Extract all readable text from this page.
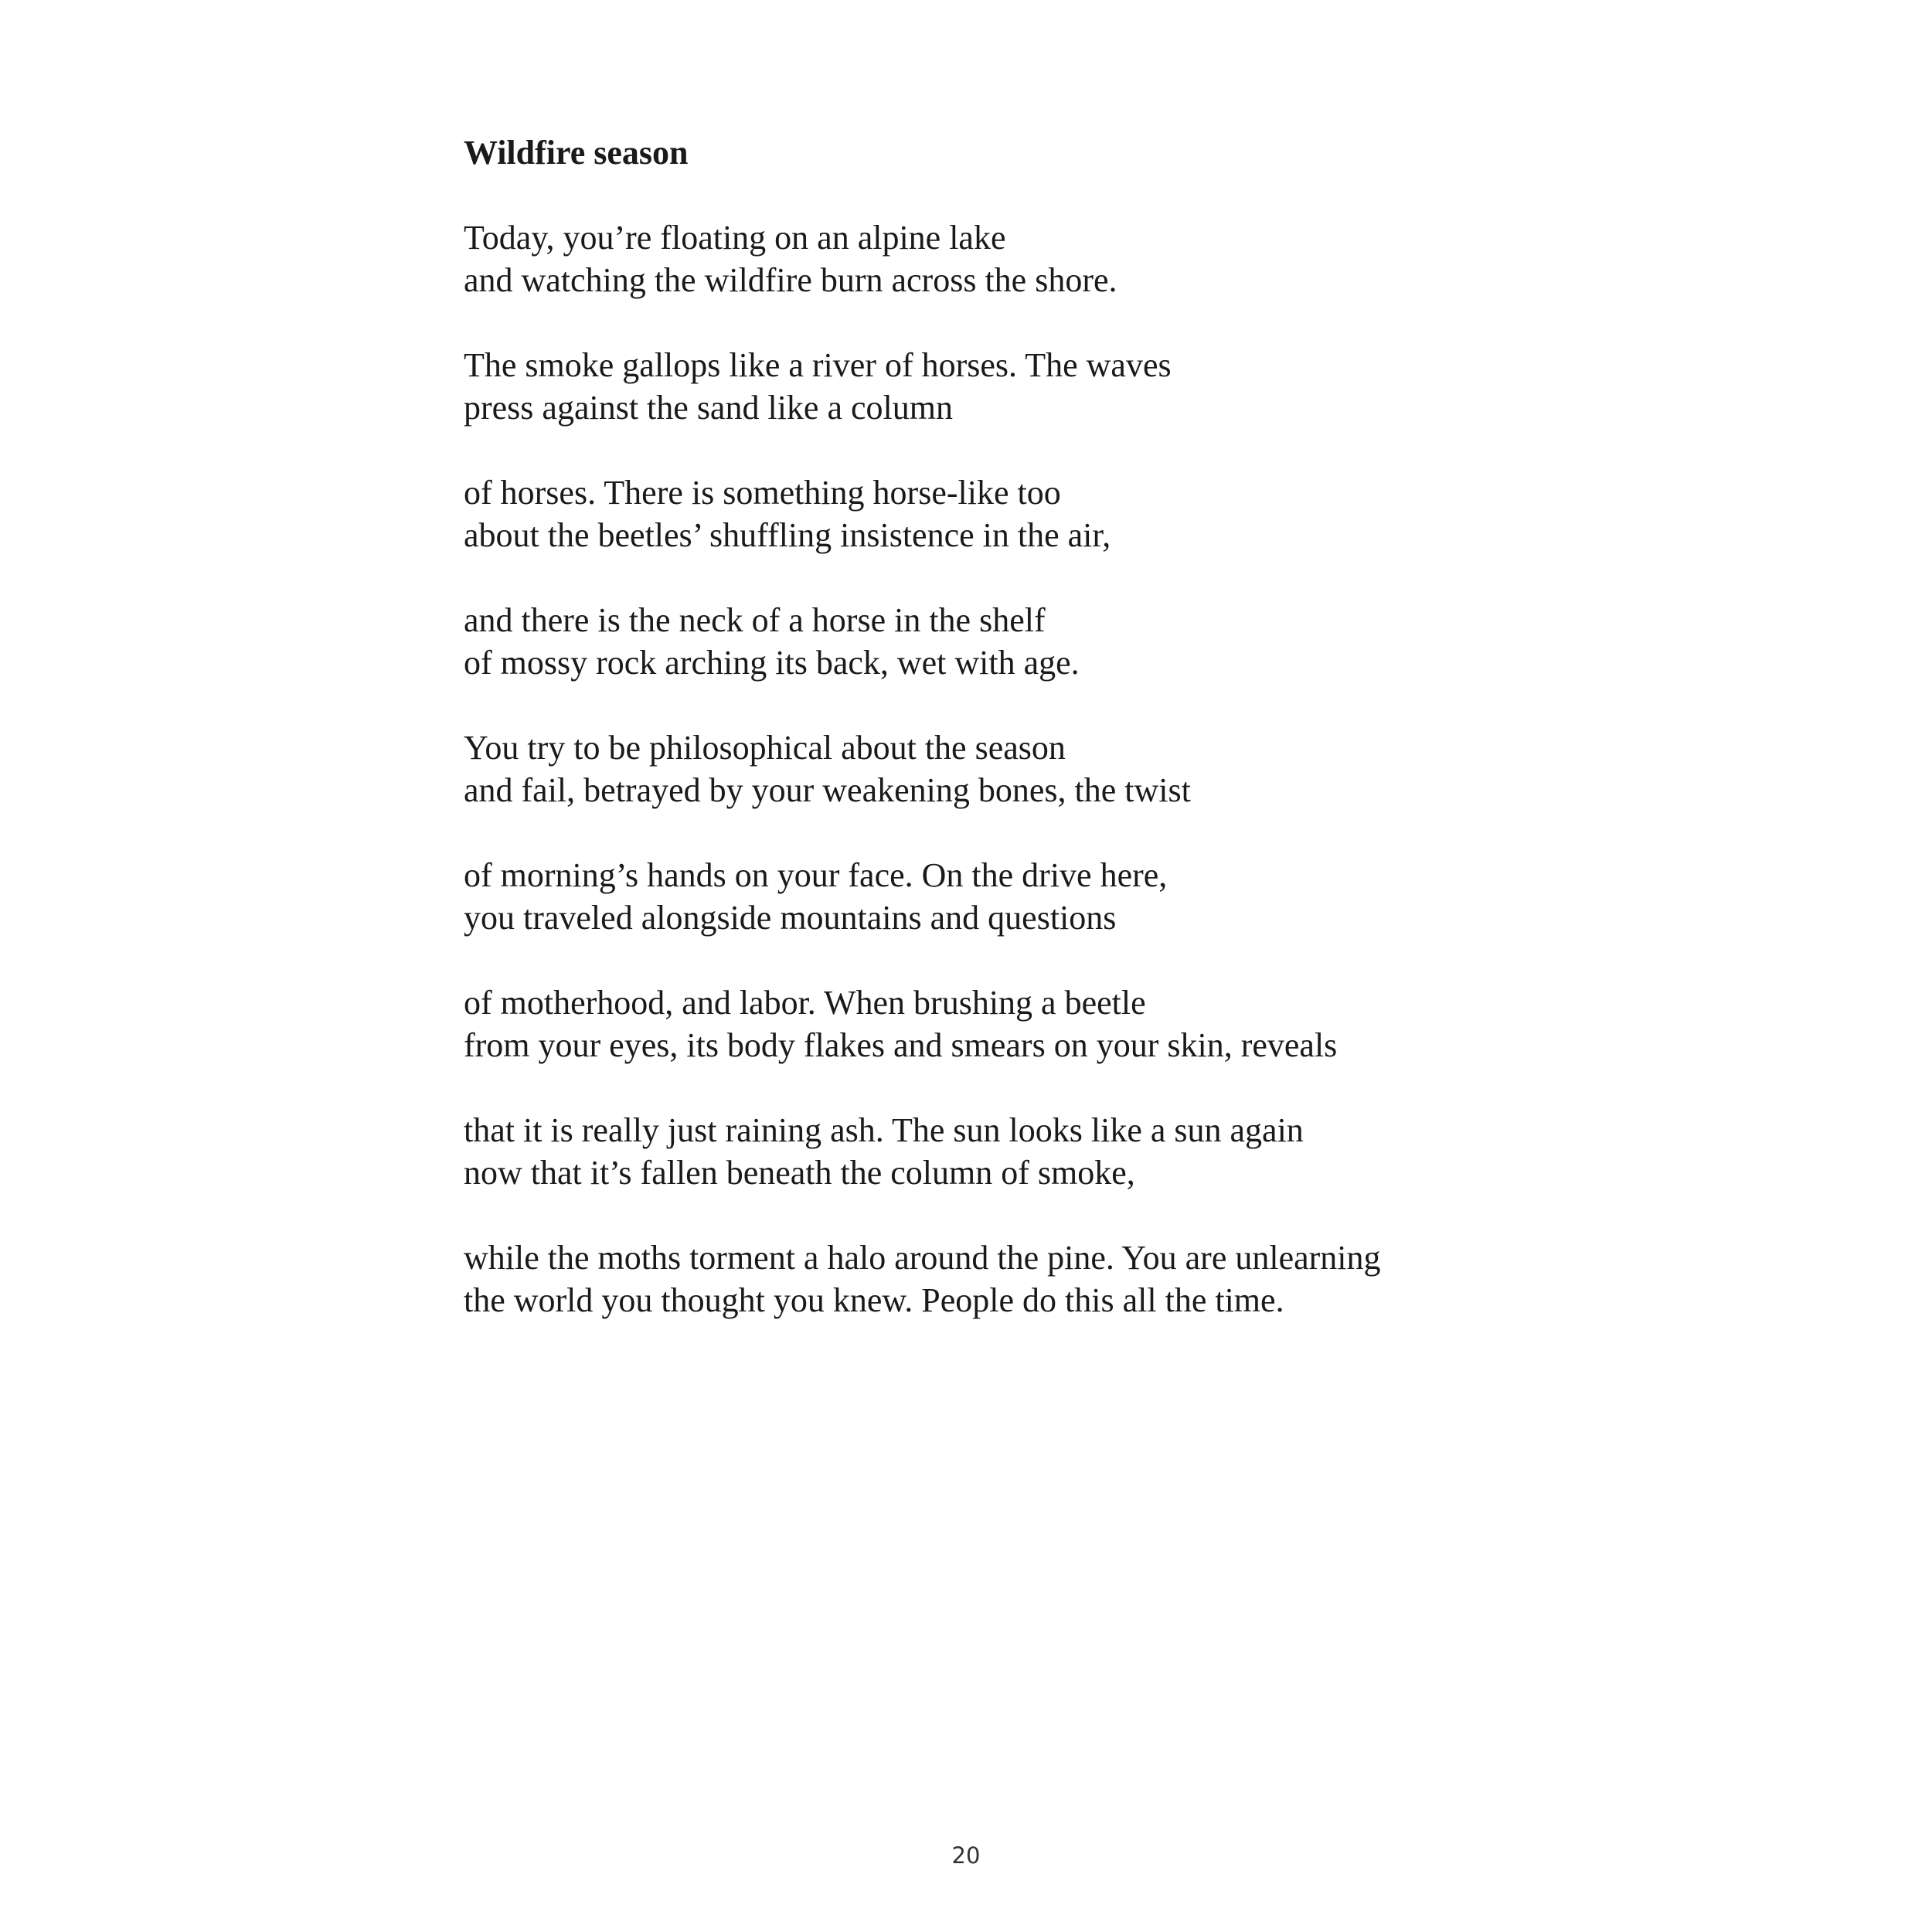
Wildfire season
Today, you’re floating on an alpine lake
and watching the wildfire burn across the shore.
The smoke gallops like a river of horses. The waves
press against the sand like a column
of horses. There is something horse-like too
about the beetles’ shuffling insistence in the air,
and there is the neck of a horse in the shelf
of mossy rock arching its back, wet with age.
You try to be philosophical about the season
and fail, betrayed by your weakening bones, the twist
of morning’s hands on your face. On the drive here,
you traveled alongside mountains and questions
of motherhood, and labor. When brushing a beetle
from your eyes, its body flakes and smears on your skin, reveals
that it is really just raining ash. The sun looks like a sun again
now that it’s fallen beneath the column of smoke,
while the moths torment a halo around the pine. You are unlearning
the world you thought you knew. People do this all the time.
20
